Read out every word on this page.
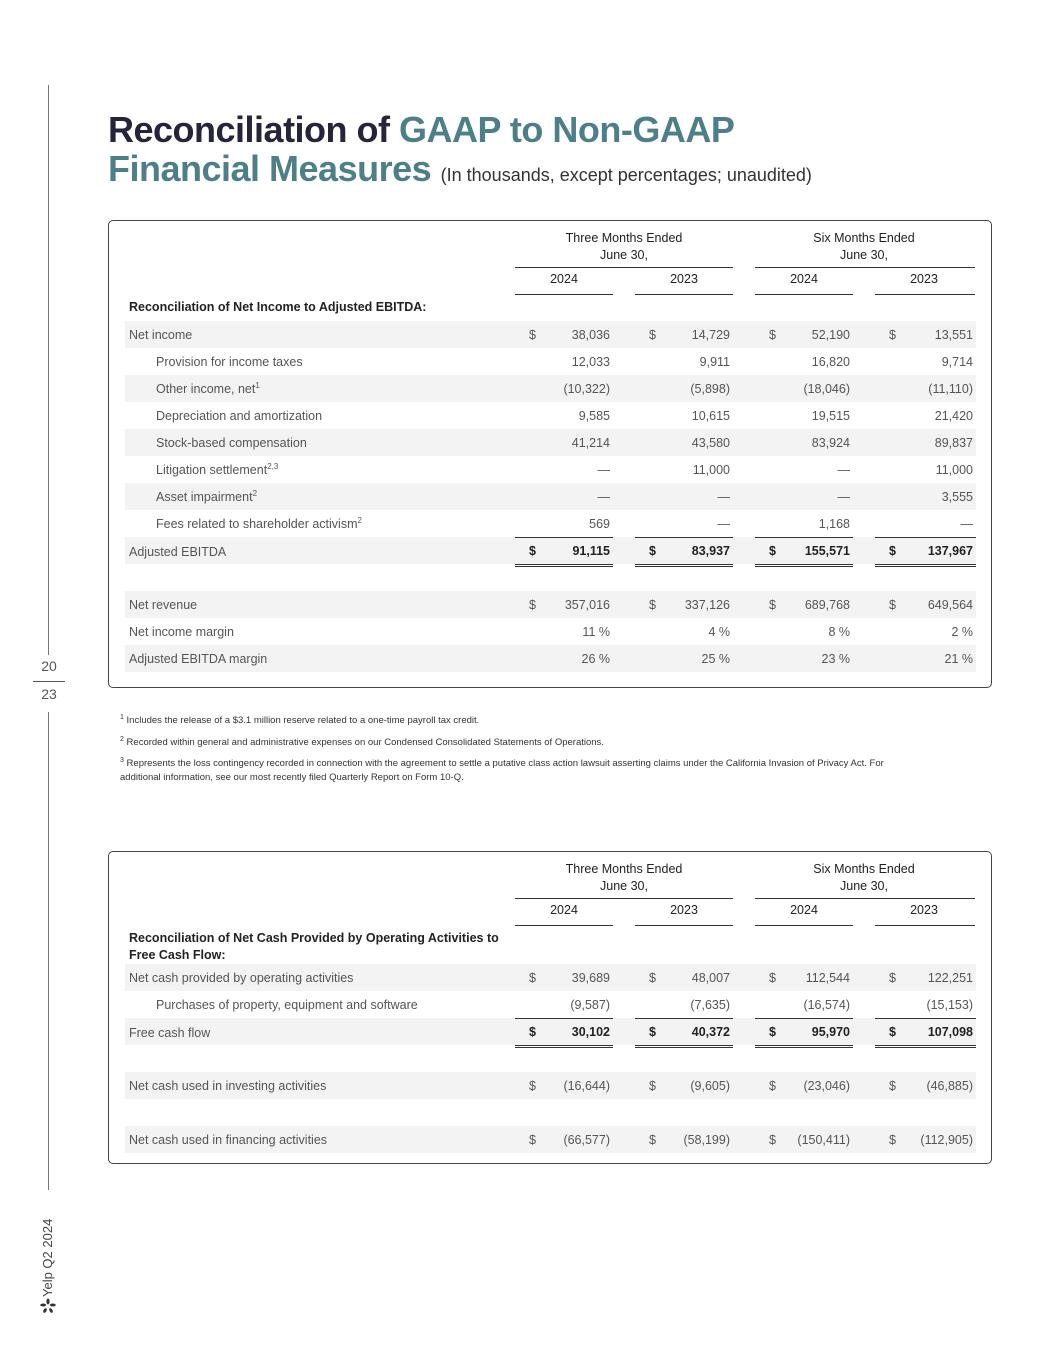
20
23
Yelp Q2 2024
Reconciliation of GAAP to Non-GAAP
Financial Measures (In thousands, except percentages; unaudited)
Three Months Ended
June 30,
Six Months Ended
June 30,
2024	2023	2024	2023
Reconciliation of Net Income to Adjusted EBITDA:
Net income	$	38,036	$	14,729	$	52,190	$	13,551
Provision for income taxes	12,033	9,911	16,820	9,714
Other income, net$^1$	(10,322)	(5,898)	(18,046)	(11,110)
Depreciation and amortization	9,585	10,615	19,515	21,420
Stock-based compensation	41,214	43,580	83,924	89,837
Litigation settlement$^{2,3}$	—	11,000	—	11,000
Asset impairment$^2$	—	—	—	3,555
Fees related to shareholder activism$^2$	569	—	1,168	—
Adjusted EBITDA	$	91,115	$	83,937	$ 155,571	$	137,967
Net revenue	$ 357,016	$ 337,126	$ 689,768	$	649,564
Net income margin	11 %	4 %	8 %	2 %
Adjusted EBITDA margin	26 %	25 %	23 %	21 %
$^1$ Includes the release of a $3.1 million reserve related to a one-time payroll tax credit.
$^2$ Recorded within general and administrative expenses on our Condensed Consolidated Statements of Operations.
$^3$ Represents the loss contingency recorded in connection with the agreement to settle a putative class action lawsuit asserting claims under the California Invasion of Privacy Act. For additional information, see our most recently filed Quarterly Report on Form 10-Q.
Three Months Ended
June 30,
Six Months Ended
June 30,
2024	2023	2024	2023
Reconciliation of Net Cash Provided by Operating Activities to Free Cash Flow:
Net cash provided by operating activities	$	39,689	$	48,007	$ 112,544	$	122,251
Purchases of property, equipment and software	(9,587)	(7,635)	(16,574)	(15,153)
Free cash flow	$	30,102	$	40,372	$	95,970	$	107,098
Net cash used in investing activities	$ (16,644)	$	(9,605)	$ (23,046)	$ (46,885)
Net cash used in financing activities	$ (66,577)	$ (58,199)	$ (150,411)	$ (112,905)
